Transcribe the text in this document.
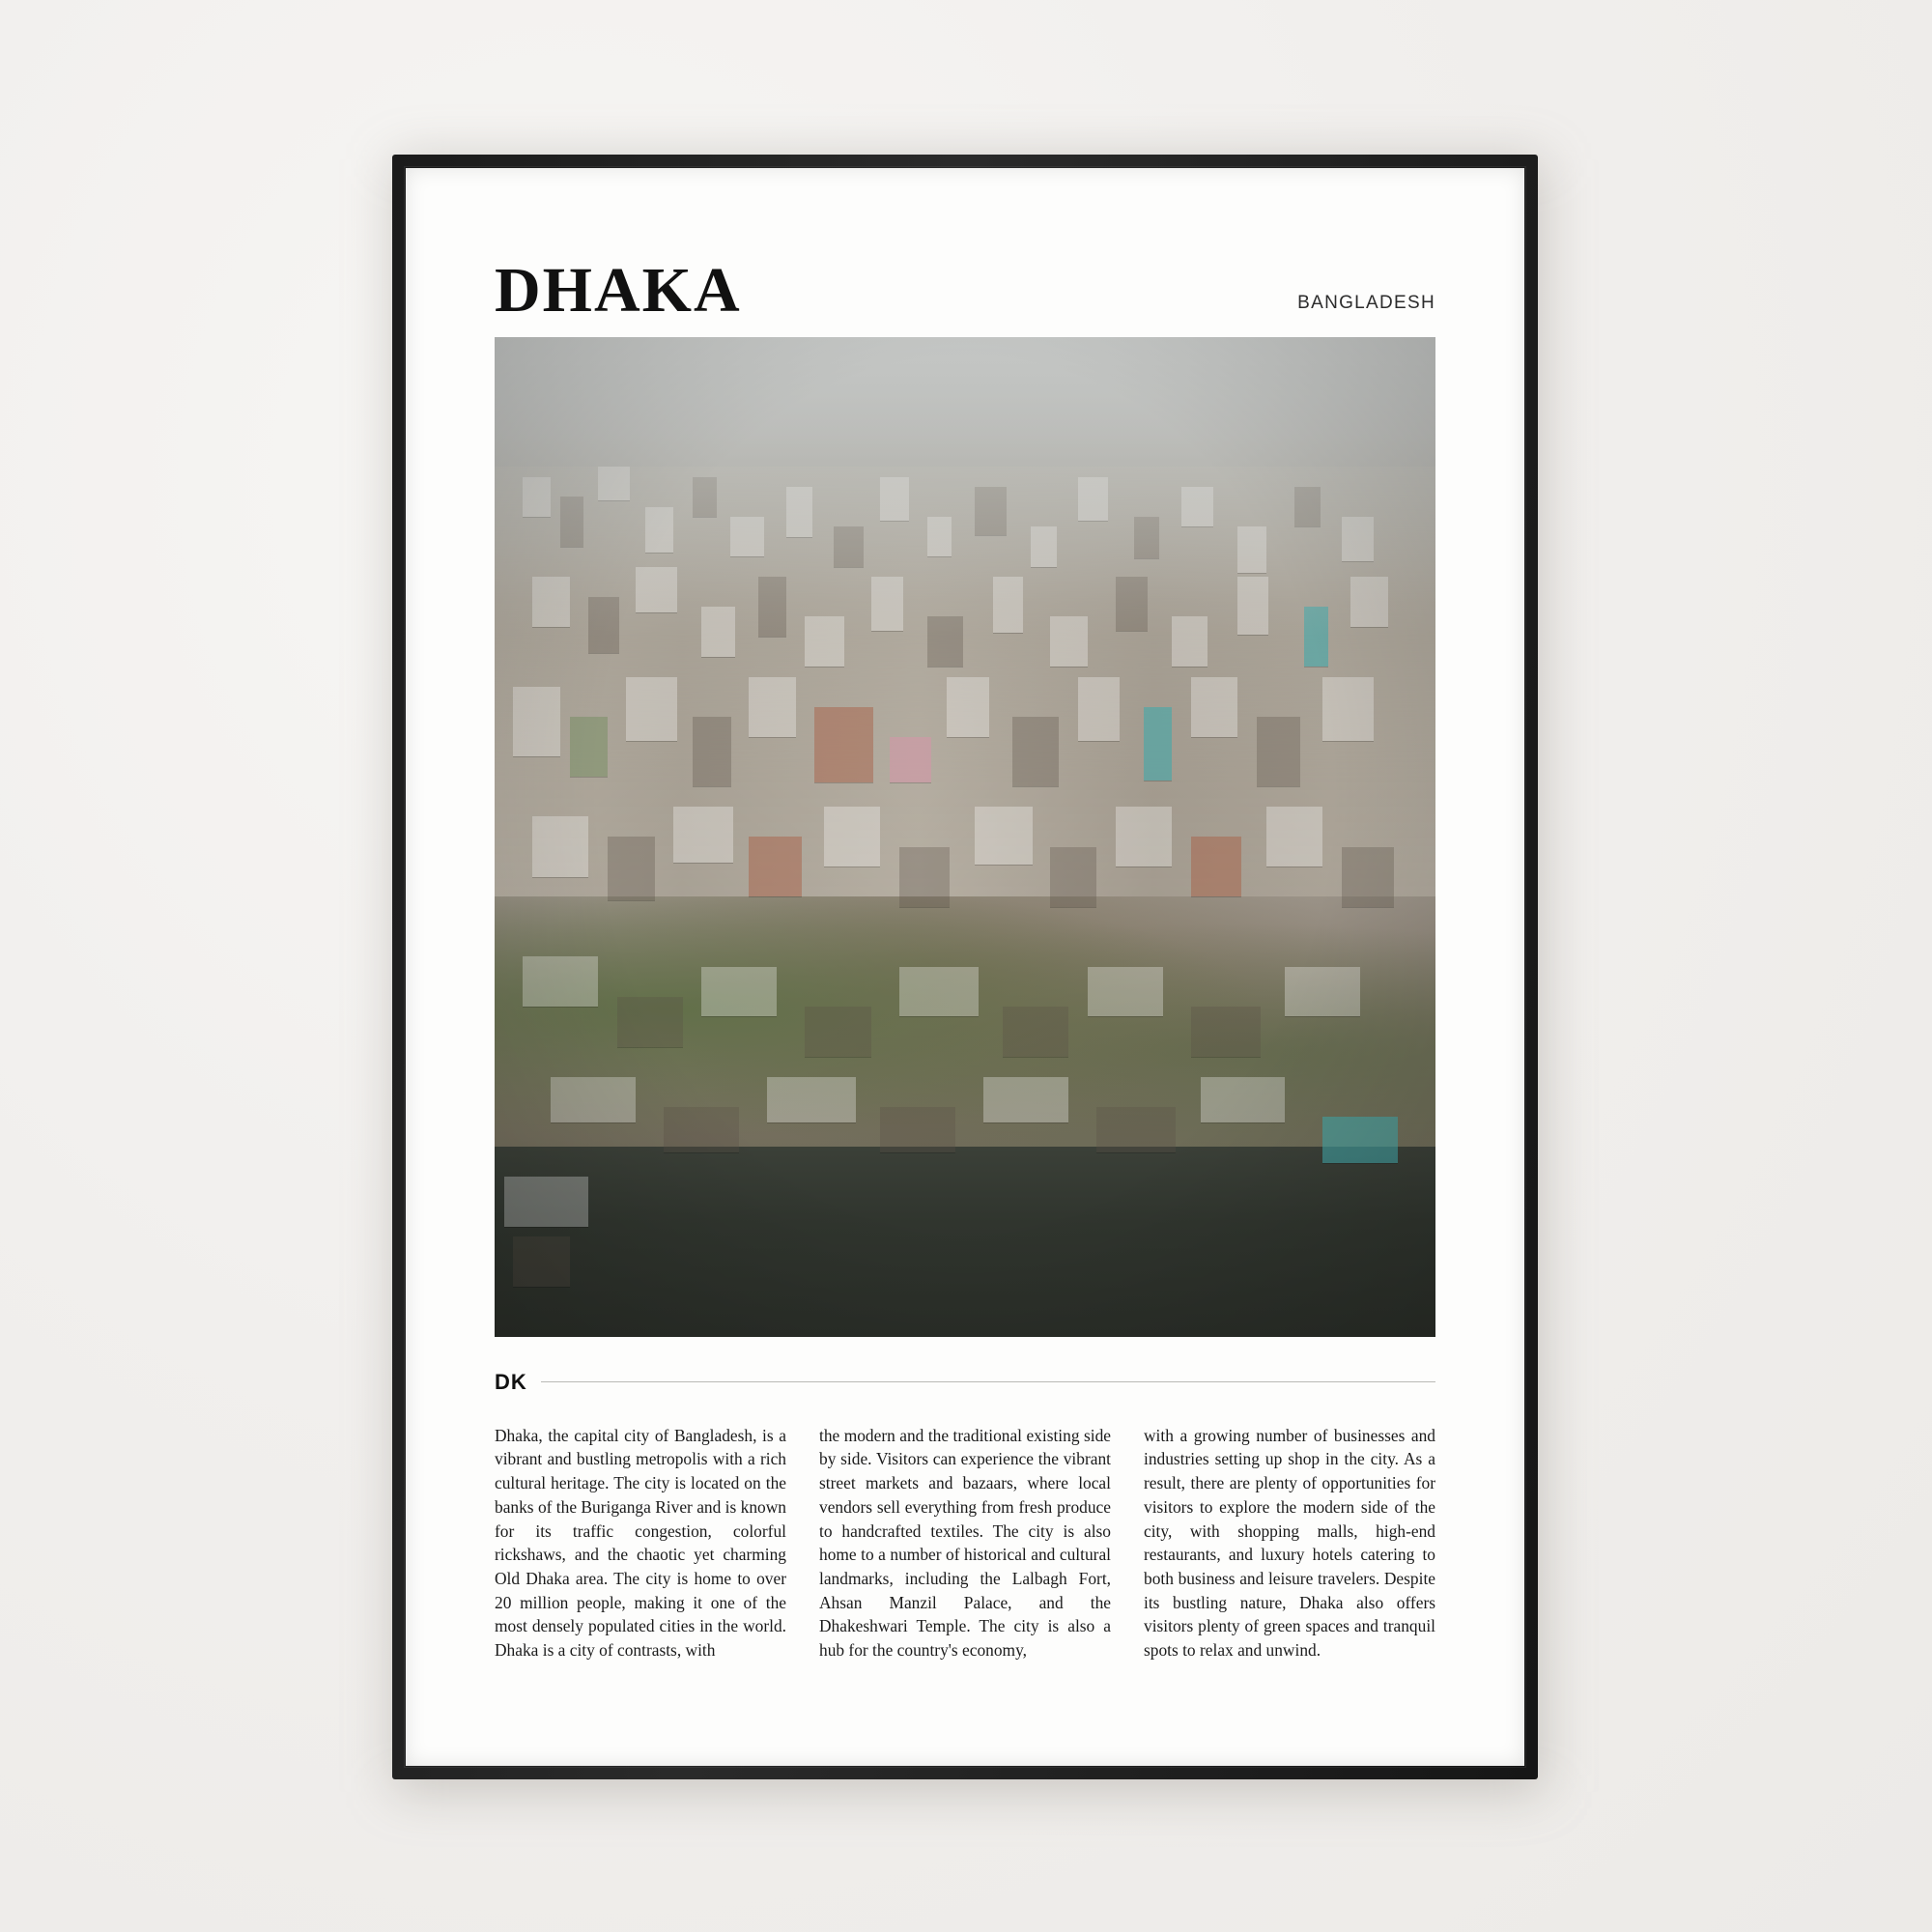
DHAKA	BANGLADESH
DK

Dhaka, the capital city of Bangladesh, is a vibrant and bustling metropolis with a rich cultural heritage. The city is located on the banks of the Buriganga River and is known for its traffic congestion, colorful rickshaws, and the chaotic yet charming Old Dhaka area. The city is home to over 20 million people, making it one of the most densely populated cities in the world. Dhaka is a city of contrasts, with

the modern and the traditional existing side by side. Visitors can experience the vibrant street markets and bazaars, where local vendors sell everything from fresh produce to handcrafted textiles. The city is also home to a number of historical and cultural landmarks, including the Lalbagh Fort, Ahsan Manzil Palace, and the Dhakeshwari Temple. The city is also a hub for the country's economy,

with a growing number of businesses and industries setting up shop in the city. As a result, there are plenty of opportunities for visitors to explore the modern side of the city, with shopping malls, high-end restaurants, and luxury hotels catering to both business and leisure travelers. Despite its bustling nature, Dhaka also offers visitors plenty of green spaces and tranquil spots to relax and unwind.
